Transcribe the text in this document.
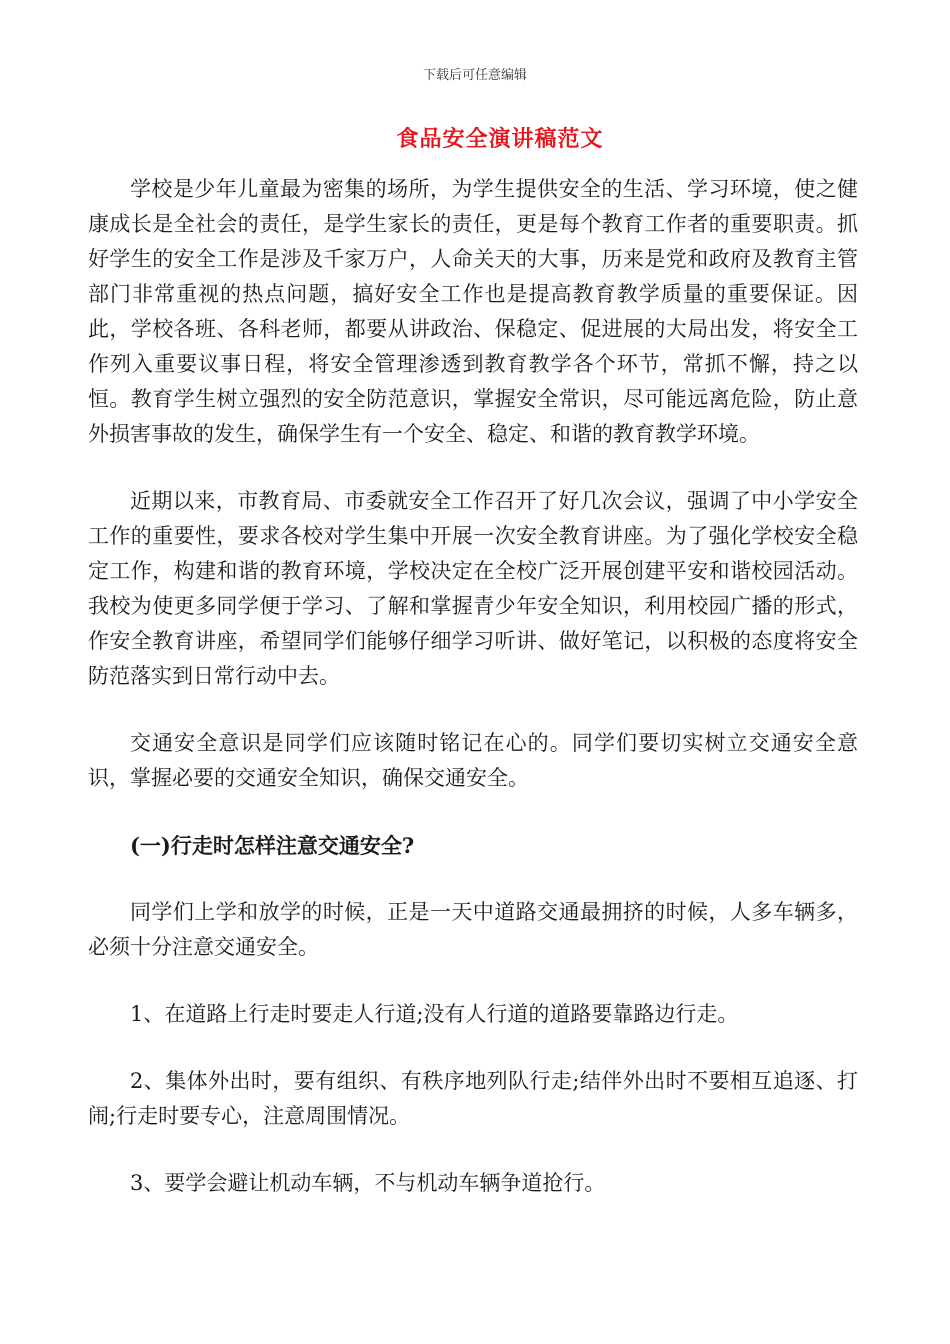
下载后可任意编辑
食品安全演讲稿范文

学校是少年儿童最为密集的场所，为学生提供安全的生活、学习环境，使之健康成长是全社会的责任，是学生家长的责任，更是每个教育工作者的重要职责。抓好学生的安全工作是涉及千家万户，人命关天的大事，历来是党和政府及教育主管部门非常重视的热点问题，搞好安全工作也是提高教育教学质量的重要保证。因此，学校各班、各科老师，都要从讲政治、保稳定、促进展的大局出发，将安全工作列入重要议事日程，将安全管理渗透到教育教学各个环节，常抓不懈，持之以恒。教育学生树立强烈的安全防范意识，掌握安全常识，尽可能远离危险，防止意外损害事故的发生，确保学生有一个安全、稳定、和谐的教育教学环境。

近期以来，市教育局、市委就安全工作召开了好几次会议，强调了中小学安全工作的重要性，要求各校对学生集中开展一次安全教育讲座。为了强化学校安全稳定工作，构建和谐的教育环境，学校决定在全校广泛开展创建平安和谐校园活动。我校为使更多同学便于学习、了解和掌握青少年安全知识，利用校园广播的形式，作安全教育讲座，希望同学们能够仔细学习听讲、做好笔记，以积极的态度将安全防范落实到日常行动中去。

交通安全意识是同学们应该随时铭记在心的。同学们要切实树立交通安全意识，掌握必要的交通安全知识，确保交通安全。

(一)行走时怎样注意交通安全?

同学们上学和放学的时候，正是一天中道路交通最拥挤的时候，人多车辆多，必须十分注意交通安全。

1、在道路上行走时要走人行道;没有人行道的道路要靠路边行走。

2、集体外出时，要有组织、有秩序地列队行走;结伴外出时不要相互追逐、打闹;行走时要专心，注意周围情况。

3、要学会避让机动车辆，不与机动车辆争道抢行。
